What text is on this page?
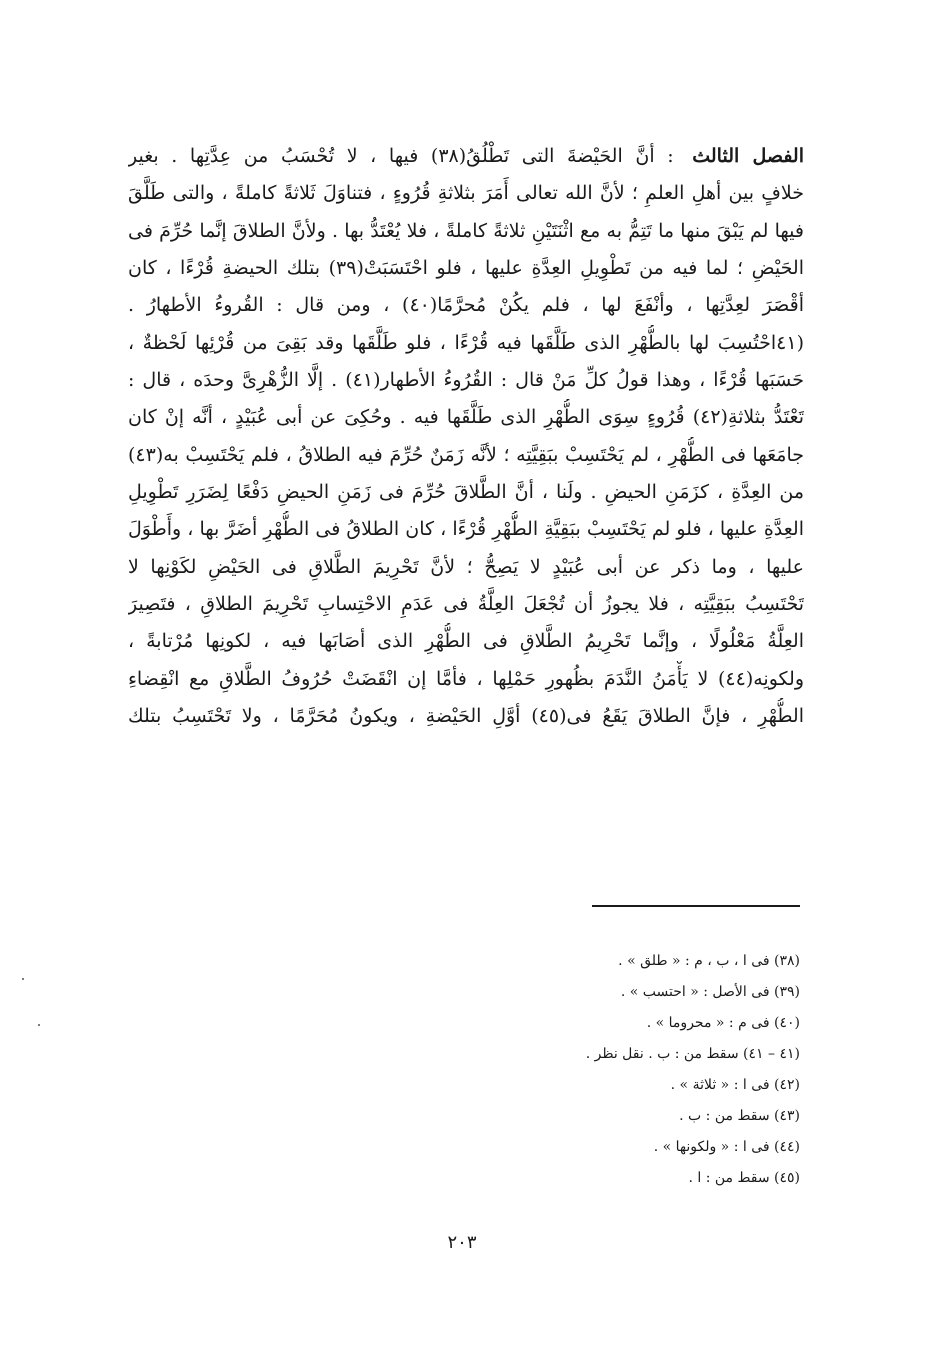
الفصل الثالث : أنَّ الحَيْضةَ التى تَطْلُقُ(٣٨) فيها ، لا تُحْسَبُ من عِدَّتِها . بغير
خلافٍ بين أهلِ العلمِ ؛ لأنَّ الله تعالى أَمَرَ بثلاثةِ قُرُوءٍ ، فتناوَلَ ثَلاثةً كاملةً ، والتى طَلَّقَ
فيها لم يَبْقَ منها ما تَتِمُّ به مع اثْنَتَيْنِ ثلاثةً كاملةً ، فلا يُعْتَدُّ بها . ولأنَّ الطلاقَ إنَّما حُرِّمَ فى
الحَيْضِ ؛ لما فيه من تَطْوِيلِ العِدَّةِ عليها ، فلو احْتَسَبَتْ(٣٩) بتلك الحيضةِ قُرْءًا ، كان
أقْصَرَ لعِدَّتِها ، وأنْفَعَ لها ، فلم يكُنْ مُحرَّمًا(٤٠) ، ومن قال : القُروءُ الأطهارُ .
(٤١احْتُسِبَ لها بالطُّهْرِ الذى طَلَّقَها فيه قُرْءًا ، فلو طَلَّقَها وقد بَقِىَ من قُرْئِها لَحْظةٌ ،
حَسَبَها قُرْءًا ، وهذا قولُ كلِّ مَنْ قال : القُرُوءُ الأطهار(٤١) . إلَّا الزُّهْرِىَّ وحدَه ، قال :
تَعْتَدُّ بثلاثةِ(٤٢) قُرُوءٍ سِوَى الطُّهْرِ الذى طَلَّقَها فيه . وحُكِىَ عن أبى عُبَيْدٍ ، أنَّه إنْ كان
جامَعَها فى الطُّهْرِ ، لم يَحْتَسِبْ ببَقِيَّتِه ؛ لأنَّه زَمَنٌ حُرِّمَ فيه الطلاقُ ، فلم يَحْتَسِبْ به(٤٣)
من العِدَّةِ ، كزَمَنِ الحيضِ . ولَنا ، أنَّ الطَّلاقَ حُرِّمَ فى زَمَنِ الحيضِ دَفْعًا لِضَرَرِ تَطْوِيلِ
العِدَّةِ عليها ، فلو لم يَحْتَسِبْ ببَقِيَّةِ الطُّهْرِ قُرْءًا ، كان الطلاقُ فى الطُّهْرِ أضَرَّ بها ، وأَطْوَلَ
عليها ، وما ذكر عن أبى عُبَيْدٍ لا يَصِحُّ ؛ لأنَّ تَحْرِيمَ الطَّلاقِ فى الحَيْضِ لكَوْنِها لا
تَحْتَسِبُ ببَقِيَّتِه ، فلا يجوزُ أن تُجْعَلَ العِلَّةُ فى عَدَمِ الاحْتِسابِ تَحْرِيمَ الطلاقِ ، فتَصِيرَ
العِلَّةُ مَعْلُولًا ، وإنَّما تَحْرِيمُ الطَّلاقِ فى الطُّهْرِ الذى أصَابَها فيه ، لكونِها مُرْتابةً ،
ولكونِه(٤٤) لا يَأْمَنُ النَّدَمَ بظُهورِ حَمْلِها ، فأمَّا إن انْقَضَتْ حُرُوفُ الطَّلاقِ مع انْقِضاءِ
الطُّهْرِ ، فإنَّ الطلاقَ يَقَعُ فى(٤٥) أوَّلِ الحَيْضةِ ، ويكونُ مُحَرَّمًا ، ولا تَحْتَسِبُ بتلك
(٣٨) فى ا ، ب ، م : « طلق » .
(٣٩) فى الأصل : « احتسب » .
(٤٠) فى م : « محروما » .
(٤١ – ٤١) سقط من : ب . نقل نظر .
(٤٢) فى ا : « ثلاثة » .
(٤٣) سقط من : ب .
(٤٤) فى ا : « ولكونها » .
(٤٥) سقط من : ا .
٢٠٣
